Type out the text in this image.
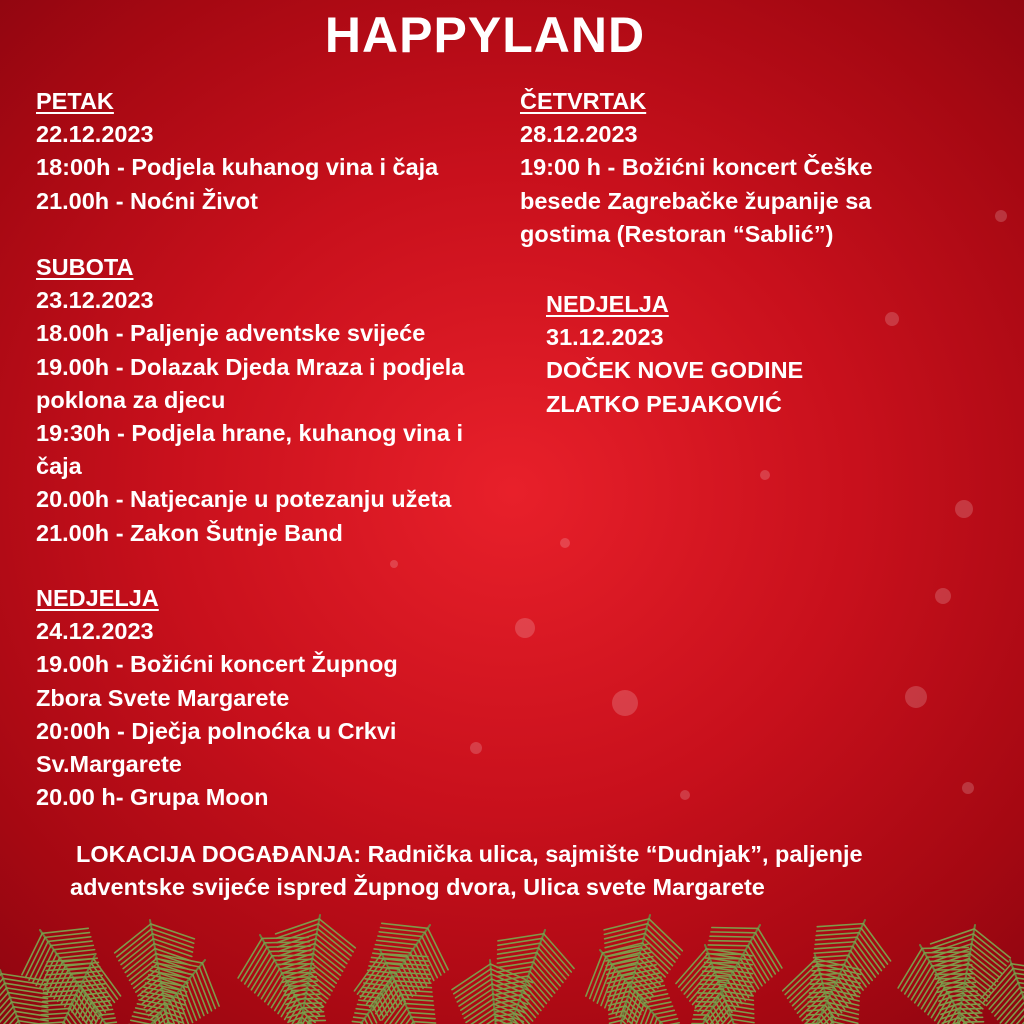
HAPPYLAND
PETAK
22.12.2023
18:00h - Podjela kuhanog vina i čaja
21.00h - Noćni Život
SUBOTA
23.12.2023
18.00h - Paljenje adventske svijeće
19.00h - Dolazak Djeda Mraza i podjela
poklona za djecu
19:30h - Podjela hrane, kuhanog vina i
čaja
20.00h - Natjecanje u potezanju užeta
21.00h - Zakon Šutnje Band
NEDJELJA
24.12.2023
19.00h - Božićni koncert Župnog
Zbora Svete Margarete
20:00h - Dječja polnoćka u Crkvi
Sv.Margarete
20.00 h- Grupa Moon
ČETVRTAK
28.12.2023
19:00 h - Božićni koncert Češke
besede Zagrebačke županije sa
gostima (Restoran “Sablić”)
NEDJELJA
31.12.2023
DOČEK NOVE GODINE
ZLATKO PEJAKOVIĆ
LOKACIJA DOGAĐANJA: Radnička ulica, sajmište “Dudnjak”, paljenje
adventske svijeće ispred Župnog dvora, Ulica svete Margarete
